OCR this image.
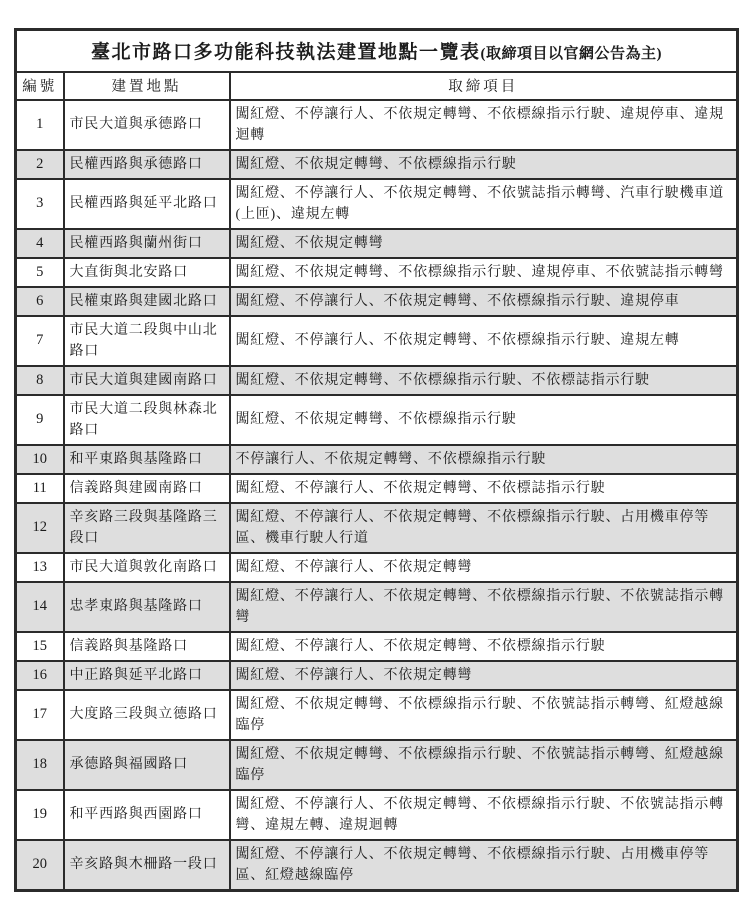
臺北市路口多功能科技執法建置地點一覽表(取締項目以官網公告為主)		
編號	建置地點	取締項目
1	市民大道與承德路口	闖紅燈、不停讓行人、不依規定轉彎、不依標線指示行駛、違規停車、違規迴轉
2	民權西路與承德路口	闖紅燈、不依規定轉彎、不依標線指示行駛
3	民權西路與延平北路口	闖紅燈、不停讓行人、不依規定轉彎、不依號誌指示轉彎、汽車行駛機車道(上匝)、違規左轉
4	民權西路與蘭州街口	闖紅燈、不依規定轉彎
5	大直街與北安路口	闖紅燈、不依規定轉彎、不依標線指示行駛、違規停車、不依號誌指示轉彎
6	民權東路與建國北路口	闖紅燈、不停讓行人、不依規定轉彎、不依標線指示行駛、違規停車
7	市民大道二段與中山北路口	闖紅燈、不停讓行人、不依規定轉彎、不依標線指示行駛、違規左轉
8	市民大道與建國南路口	闖紅燈、不依規定轉彎、不依標線指示行駛、不依標誌指示行駛
9	市民大道二段與林森北路口	闖紅燈、不依規定轉彎、不依標線指示行駛
10	和平東路與基隆路口	不停讓行人、不依規定轉彎、不依標線指示行駛
11	信義路與建國南路口	闖紅燈、不停讓行人、不依規定轉彎、不依標誌指示行駛
12	辛亥路三段與基隆路三段口	闖紅燈、不停讓行人、不依規定轉彎、不依標線指示行駛、占用機車停等區、機車行駛人行道
13	市民大道與敦化南路口	闖紅燈、不停讓行人、不依規定轉彎
14	忠孝東路與基隆路口	闖紅燈、不停讓行人、不依規定轉彎、不依標線指示行駛、不依號誌指示轉彎
15	信義路與基隆路口	闖紅燈、不停讓行人、不依規定轉彎、不依標線指示行駛
16	中正路與延平北路口	闖紅燈、不停讓行人、不依規定轉彎
17	大度路三段與立德路口	闖紅燈、不依規定轉彎、不依標線指示行駛、不依號誌指示轉彎、紅燈越線臨停
18	承德路與福國路口	闖紅燈、不依規定轉彎、不依標線指示行駛、不依號誌指示轉彎、紅燈越線臨停
19	和平西路與西園路口	闖紅燈、不停讓行人、不依規定轉彎、不依標線指示行駛、不依號誌指示轉彎、違規左轉、違規迴轉
20	辛亥路與木柵路一段口	闖紅燈、不停讓行人、不依規定轉彎、不依標線指示行駛、占用機車停等區、紅燈越線臨停
